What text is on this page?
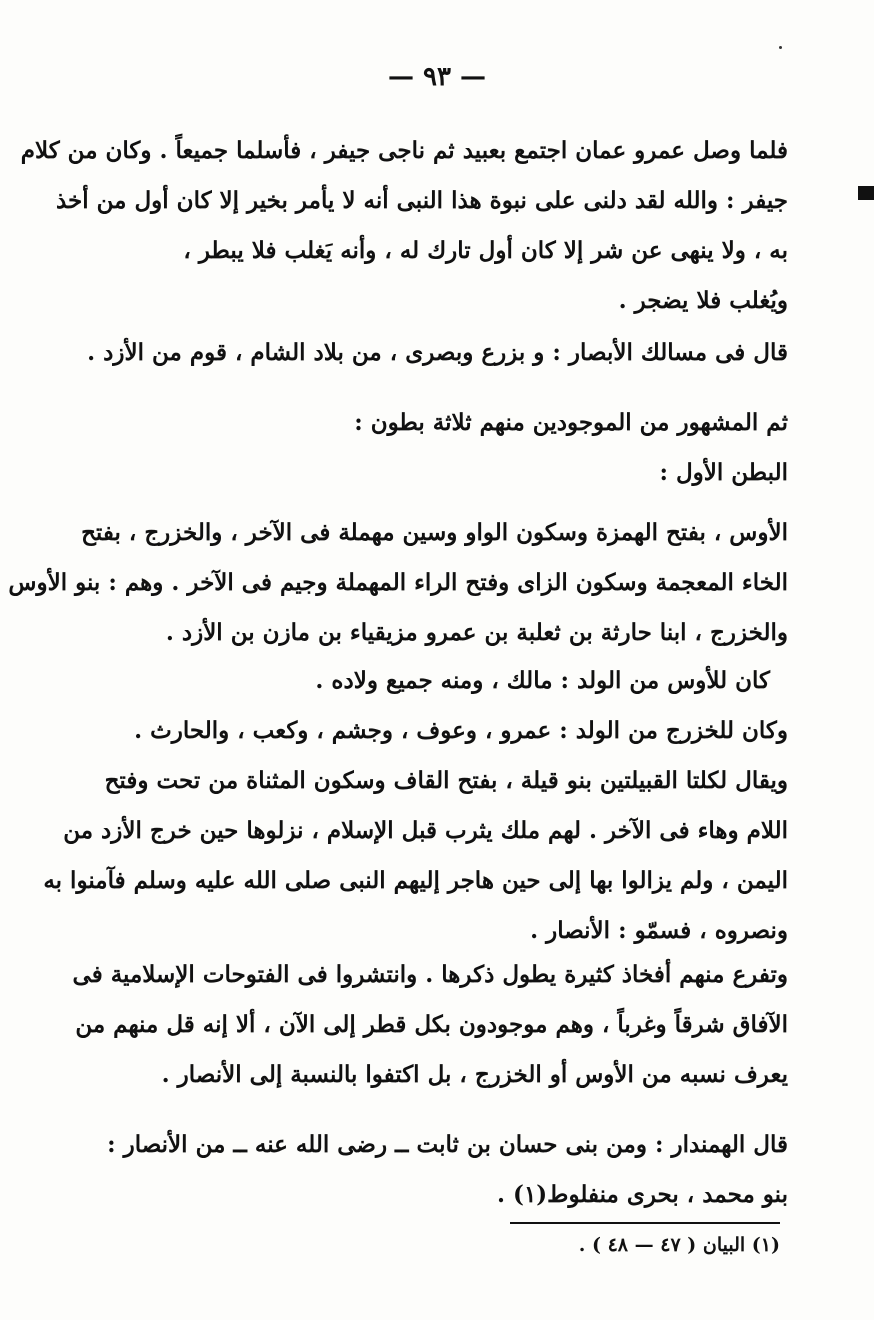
— ٩٣ —
فلما وصل عمرو عمان اجتمع بعبيد ثم ناجى جيفر ، فأسلما جميعاً . وكان من كلام
جيفر : والله لقد دلنى على نبوة هذا النبى أنه لا يأمر بخير إلا كان أول من أخذ
به ، ولا ينهى عن شر إلا كان أول تارك له ، وأنه يَغلب فلا يبطر ،
ويُغلب فلا يضجر .
قال فى مسالك الأبصار : و بزرع وبصرى ، من بلاد الشام ، قوم من الأزد .
ثم المشهور من الموجودين منهم ثلاثة بطون :
البطن الأول :
الأوس ، بفتح الهمزة وسكون الواو وسين مهملة فى الآخر ، والخزرج ، بفتح
الخاء المعجمة وسكون الزاى وفتح الراء المهملة وجيم فى الآخر . وهم : بنو الأوس
والخزرج ، ابنا حارثة بن ثعلبة بن عمرو مزيقياء بن مازن بن الأزد .
كان للأوس من الولد : مالك ، ومنه جميع ولاده .
وكان للخزرج من الولد : عمرو ، وعوف ، وجشم ، وكعب ، والحارث .
ويقال لكلتا القبيلتين بنو قيلة ، بفتح القاف وسكون المثناة من تحت وفتح
اللام وهاء فى الآخر . لهم ملك يثرب قبل الإسلام ، نزلوها حين خرج الأزد من
اليمن ، ولم يزالوا بها إلى حين هاجر إليهم النبى صلى الله عليه وسلم فآمنوا به
ونصروه ، فسمّو : الأنصار .
وتفرع منهم أفخاذ كثيرة يطول ذكرها . وانتشروا فى الفتوحات الإسلامية فى
الآفاق شرقاً وغرباً ، وهم موجودون بكل قطر إلى الآن ، ألا إنه قل منهم من
يعرف نسبه من الأوس أو الخزرج ، بل اكتفوا بالنسبة إلى الأنصار .
قال الهمندار : ومن بنى حسان بن ثابت ــ رضى الله عنه ــ من الأنصار :
بنو محمد ، بحرى منفلوط(١) .
(١) البيان ( ٤٧ — ٤٨ ) .
